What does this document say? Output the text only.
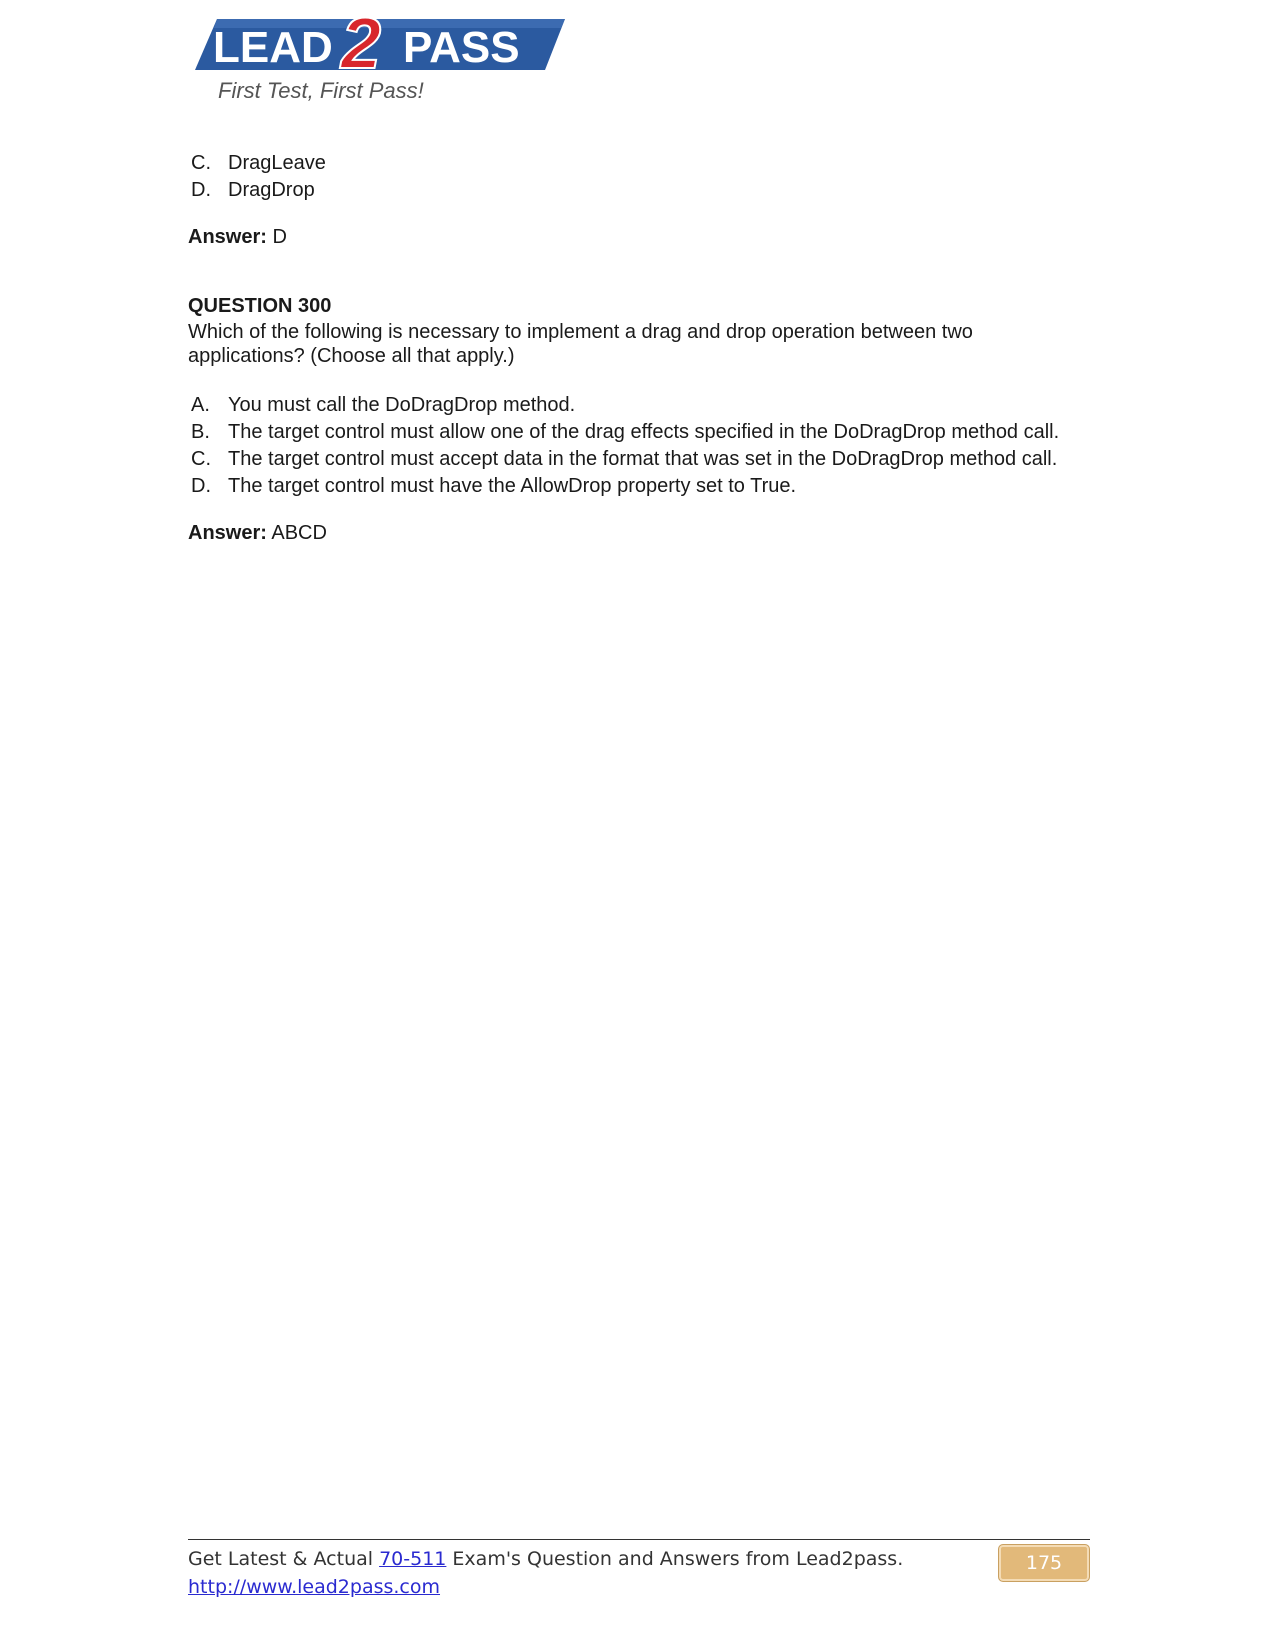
LEAD 2 PASS
First Test, First Pass!
C. DragLeave
D. DragDrop
Answer: D
QUESTION 300
Which of the following is necessary to implement a drag and drop operation between two
applications? (Choose all that apply.)
A. You must call the DoDragDrop method.
B. The target control must allow one of the drag effects specified in the DoDragDrop method call.
C. The target control must accept data in the format that was set in the DoDragDrop method call.
D. The target control must have the AllowDrop property set to True.
Answer: ABCD
Get Latest & Actual 70-511 Exam's Question and Answers from Lead2pass.
http://www.lead2pass.com
175
